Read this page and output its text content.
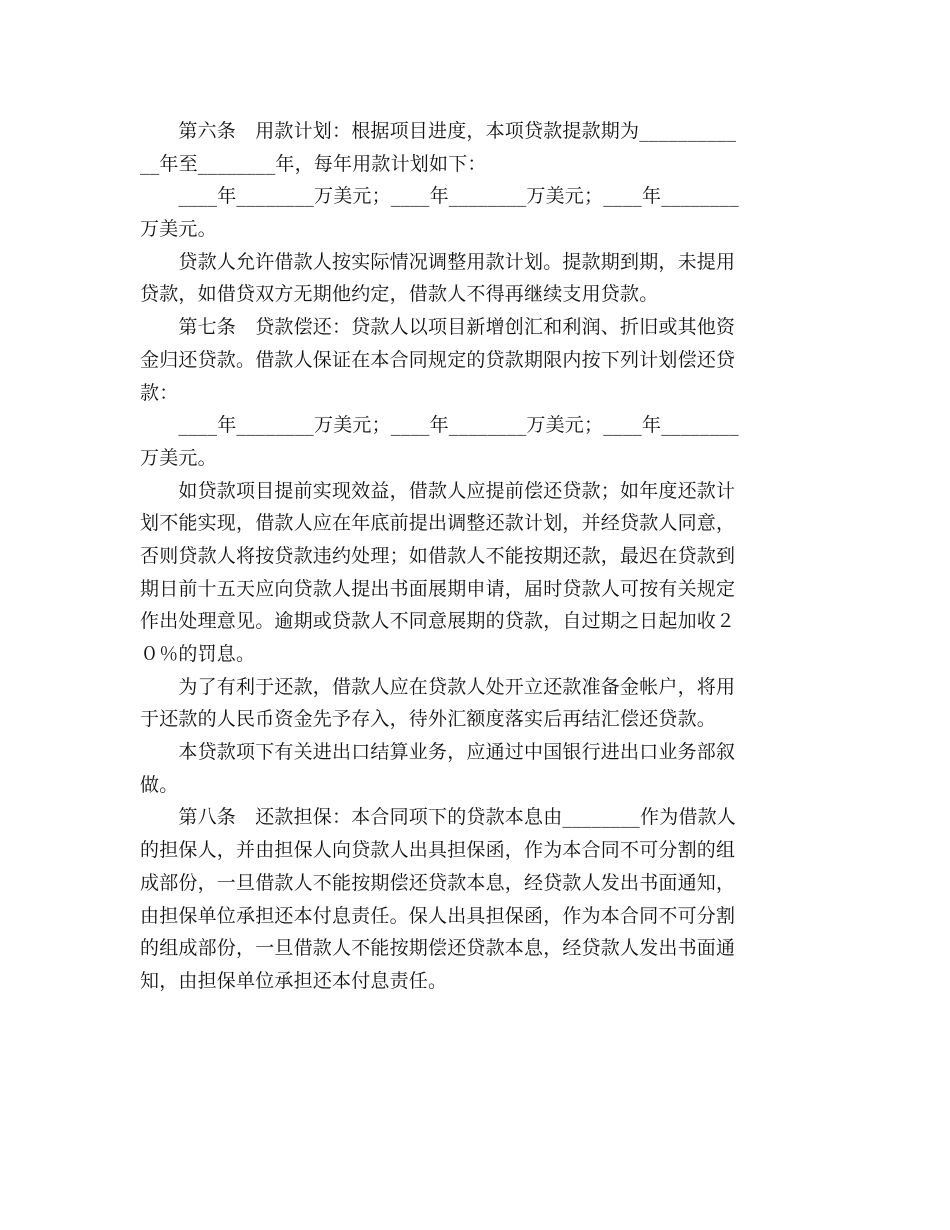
　　第六条　用款计划：根据项目进度，本项贷款提款期为__________
__年至________年，每年用款计划如下：
　　____年________万美元；____年________万美元；____年________
万美元。
　　贷款人允许借款人按实际情况调整用款计划。提款期到期，未提用
贷款，如借贷双方无期他约定，借款人不得再继续支用贷款。
　　第七条　贷款偿还：贷款人以项目新增创汇和利润、折旧或其他资
金归还贷款。借款人保证在本合同规定的贷款期限内按下列计划偿还贷
款：
　　____年________万美元；____年________万美元；____年________
万美元。
　　如贷款项目提前实现效益，借款人应提前偿还贷款；如年度还款计
划不能实现，借款人应在年底前提出调整还款计划，并经贷款人同意，
否则贷款人将按贷款违约处理；如借款人不能按期还款，最迟在贷款到
期日前十五天应向贷款人提出书面展期申请，届时贷款人可按有关规定
作出处理意见。逾期或贷款人不同意展期的贷款，自过期之日起加收２
０％的罚息。
　　为了有利于还款，借款人应在贷款人处开立还款准备金帐户，将用
于还款的人民币资金先予存入，待外汇额度落实后再结汇偿还贷款。
　　本贷款项下有关进出口结算业务，应通过中国银行进出口业务部叙
做。
　　第八条　还款担保：本合同项下的贷款本息由________作为借款人
的担保人，并由担保人向贷款人出具担保函，作为本合同不可分割的组
成部份，一旦借款人不能按期偿还贷款本息，经贷款人发出书面通知，
由担保单位承担还本付息责任。保人出具担保函，作为本合同不可分割
的组成部份，一旦借款人不能按期偿还贷款本息，经贷款人发出书面通
知，由担保单位承担还本付息责任。
